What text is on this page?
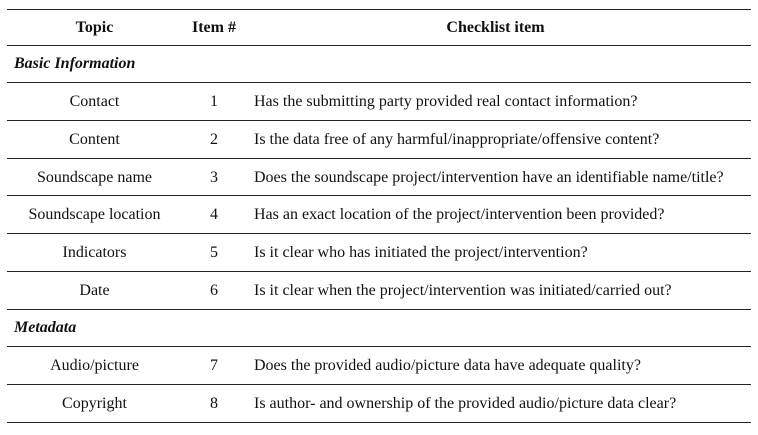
Topic	Item #	Checklist item
Basic Information
Contact	1	Has the submitting party provided real contact information?
Content	2	Is the data free of any harmful/inappropriate/offensive content?
Soundscape name	3	Does the soundscape project/intervention have an identifiable name/title?
Soundscape location	4	Has an exact location of the project/intervention been provided?
Indicators	5	Is it clear who has initiated the project/intervention?
Date	6	Is it clear when the project/intervention was initiated/carried out?
Metadata
Audio/picture	7	Does the provided audio/picture data have adequate quality?
Copyright	8	Is author- and ownership of the provided audio/picture data clear?
